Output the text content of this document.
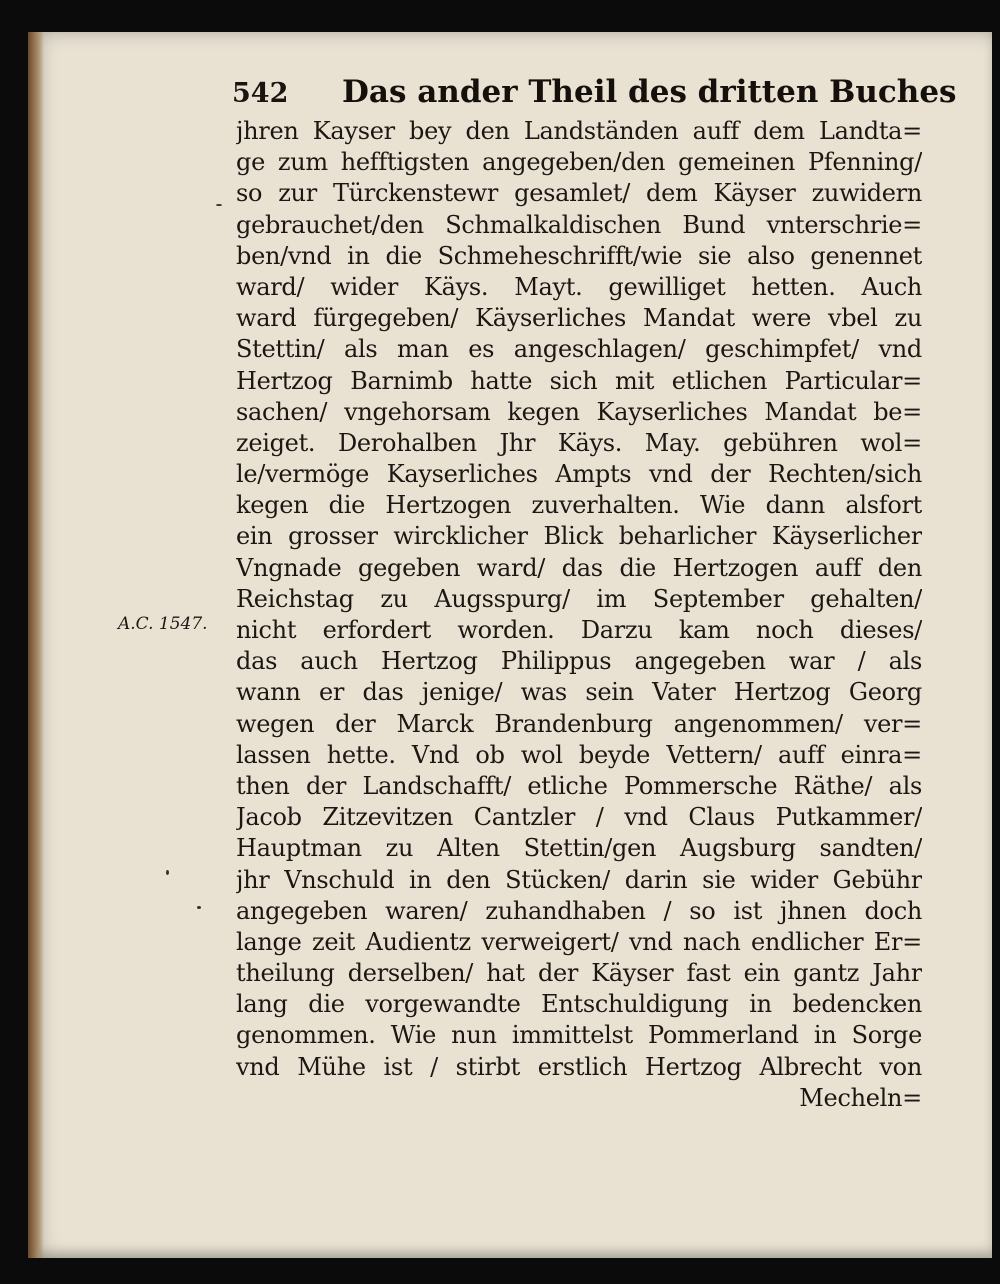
542 Das ander Theil des dritten Buches
A.C. 1547.
jhren Kayser bey den Landständen auff dem Landta=
ge zum hefftigsten angegeben/den gemeinen Pfenning/
so zur Türckenstewr gesamlet/ dem Käyser zuwidern
gebrauchet/den Schmalkaldischen Bund vnterschrie=
ben/vnd in die Schmeheschrifft/wie sie also genennet
ward/ wider Käys. Mayt. gewilliget hetten. Auch
ward fürgegeben/ Käyserliches Mandat were vbel zu
Stettin/ als man es angeschlagen/ geschimpfet/ vnd
Hertzog Barnimb hatte sich mit etlichen Particular=
sachen/ vngehorsam kegen Kayserliches Mandat be=
zeiget. Derohalben Jhr Käys. May. gebühren wol=
le/vermöge Kayserliches Ampts vnd der Rechten/sich
kegen die Hertzogen zuverhalten. Wie dann alsfort
ein grosser wircklicher Blick beharlicher Käyserlicher
Vngnade gegeben ward/ das die Hertzogen auff den
Reichstag zu Augsspurg/ im September gehalten/
nicht erfordert worden. Darzu kam noch dieses/
das auch Hertzog Philippus angegeben war / als
wann er das jenige/ was sein Vater Hertzog Georg
wegen der Marck Brandenburg angenommen/ ver=
lassen hette. Vnd ob wol beyde Vettern/ auff einra=
then der Landschafft/ etliche Pommersche Räthe/ als
Jacob Zitzevitzen Cantzler / vnd Claus Putkammer/
Hauptman zu Alten Stettin/gen Augsburg sandten/
jhr Vnschuld in den Stücken/ darin sie wider Gebühr
angegeben waren/ zuhandhaben / so ist jhnen doch
lange zeit Audientz verweigert/ vnd nach endlicher Er=
theilung derselben/ hat der Käyser fast ein gantz Jahr
lang die vorgewandte Entschuldigung in bedencken
genommen. Wie nun immittelst Pommerland in Sorge
vnd Mühe ist / stirbt erstlich Hertzog Albrecht von
Mecheln=
